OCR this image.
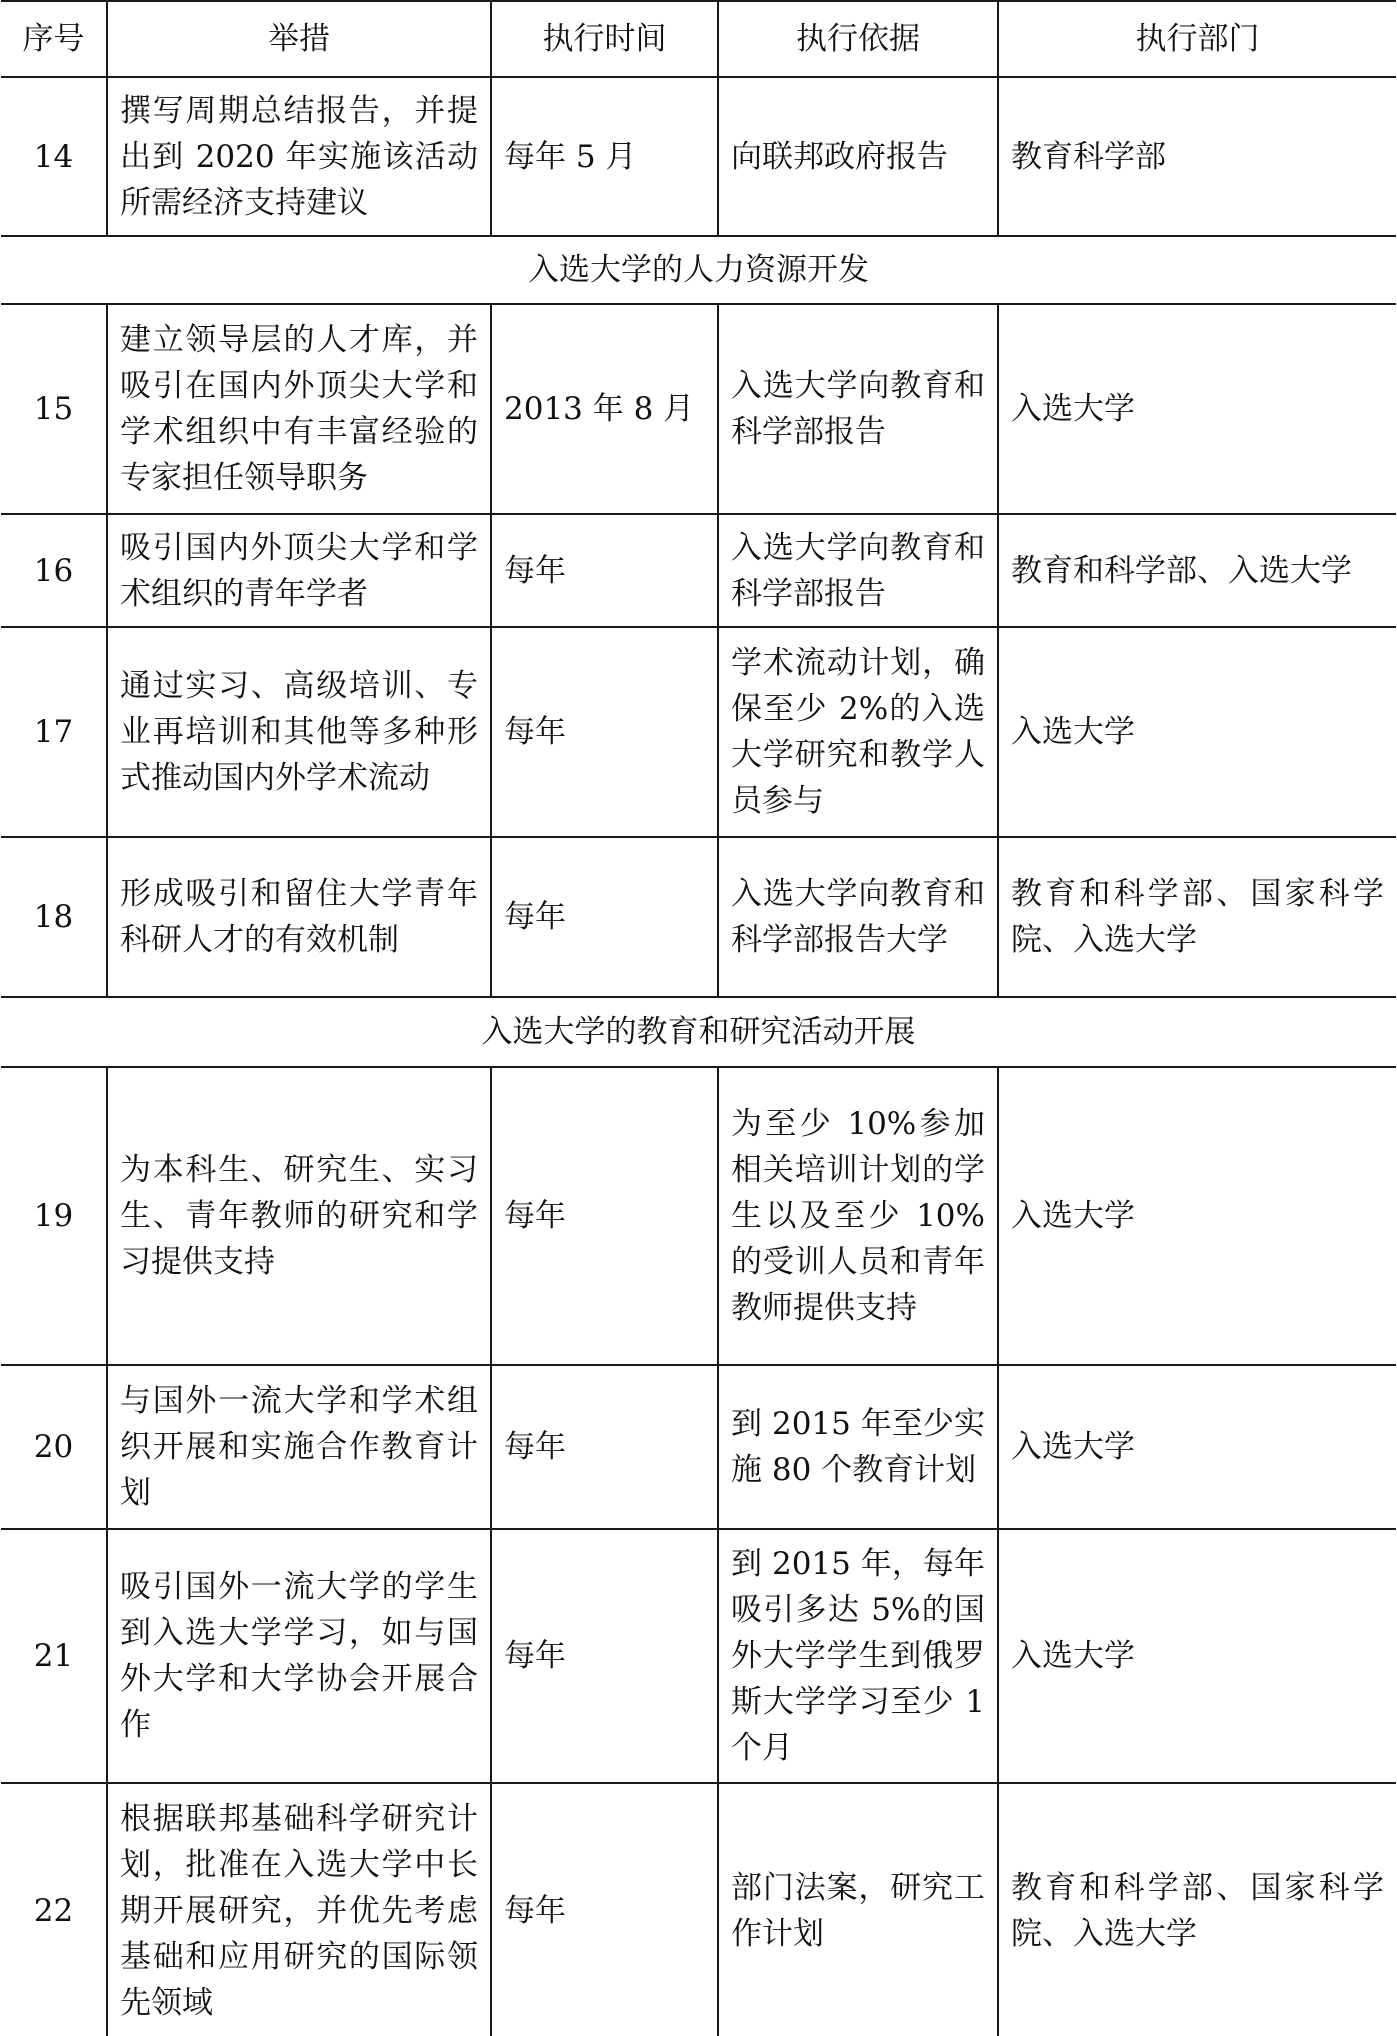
序号	举措	执行时间	执行依据	执行部门
14	撰写周期总结报告，并提出到 2020 年实施该活动所需经济支持建议	每年 5 月	向联邦政府报告	教育科学部
入选大学的人力资源开发				
15	建立领导层的人才库，并吸引在国内外顶尖大学和学术组织中有丰富经验的专家担任领导职务	2013 年 8 月	入选大学向教育和科学部报告	入选大学
16	吸引国内外顶尖大学和学术组织的青年学者	每年	入选大学向教育和科学部报告	教育和科学部、入选大学
17	通过实习、高级培训、专业再培训和其他等多种形式推动国内外学术流动	每年	学术流动计划，确保至少 2%的入选大学研究和教学人员参与	入选大学
18	形成吸引和留住大学青年科研人才的有效机制	每年	入选大学向教育和科学部报告大学	教育和科学部、国家科学院、入选大学
入选大学的教育和研究活动开展				
19	为本科生、研究生、实习生、青年教师的研究和学习提供支持	每年	为至少 10%参加相关培训计划的学生以及至少 10%的受训人员和青年教师提供支持	入选大学
20	与国外一流大学和学术组织开展和实施合作教育计划	每年	到 2015 年至少实施 80 个教育计划	入选大学
21	吸引国外一流大学的学生到入选大学学习，如与国外大学和大学协会开展合作	每年	到 2015 年，每年吸引多达 5%的国外大学学生到俄罗斯大学学习至少 1 个月	入选大学
22	根据联邦基础科学研究计划，批准在入选大学中长期开展研究，并优先考虑基础和应用研究的国际领先领域	每年	部门法案，研究工作计划	教育和科学部、国家科学院、入选大学
